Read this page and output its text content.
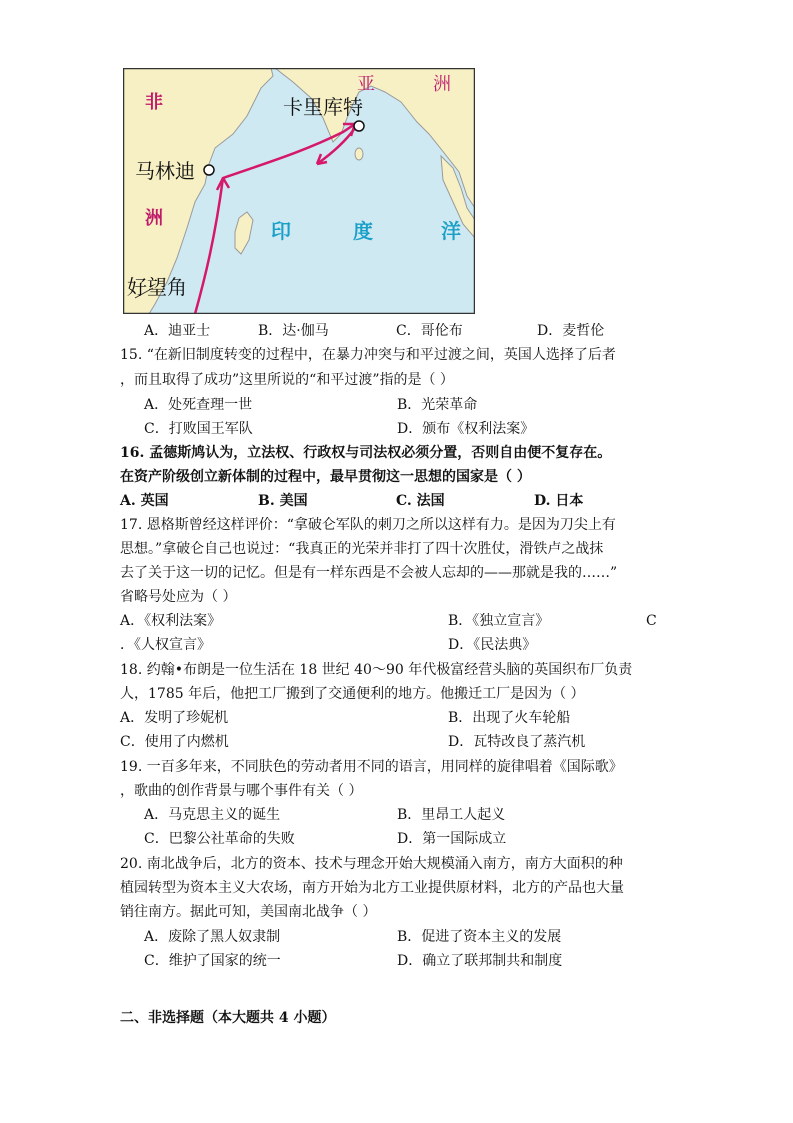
非
洲
亚	洲
卡里库特
马林迪
印	度	洋
好望角
A．迪亚士	B．达·伽马	C．哥伦布	D．麦哲伦
15. “在新旧制度转变的过程中，在暴力冲突与和平过渡之间，英国人选择了后者
，而且取得了成功”这里所说的“和平过渡”指的是（ ）
A．处死查理一世	B．光荣革命
C．打败国王军队	D．颁布《权利法案》
16. 孟德斯鸠认为，立法权、行政权与司法权必须分置，否则自由便不复存在。
在资产阶级创立新体制的过程中，最早贯彻这一思想的国家是（ ）
A. 英国	B. 美国	C. 法国	D. 日本
17. 恩格斯曾经这样评价：“拿破仑军队的刺刀之所以这样有力。是因为刀尖上有
思想。”拿破仑自己也说过：“我真正的光荣并非打了四十次胜仗，滑铁卢之战抹
去了关于这一切的记忆。但是有一样东西是不会被人忘却的——那就是我的……”
省略号处应为（ ）
A．《权利法案》	B．《独立宣言》	C
．《人权宣言》	D．《民法典》
18. 约翰•布朗是一位生活在 18 世纪 40～90 年代极富经营头脑的英国织布厂负责
人，1785 年后，他把工厂搬到了交通便利的地方。他搬迁工厂是因为（ ）
A．发明了珍妮机	B．出现了火车轮船
C．使用了内燃机	D．瓦特改良了蒸汽机
19. 一百多年来，不同肤色的劳动者用不同的语言，用同样的旋律唱着《国际歌》
，歌曲的创作背景与哪个事件有关（ ）
A．马克思主义的诞生	B．里昂工人起义
C．巴黎公社革命的失败	D．第一国际成立
20. 南北战争后，北方的资本、技术与理念开始大规模涌入南方，南方大面积的种
植园转型为资本主义大农场，南方开始为北方工业提供原材料，北方的产品也大量
销往南方。据此可知，美国南北战争（ ）
A．废除了黑人奴隶制	B．促进了资本主义的发展
C．维护了国家的统一	D．确立了联邦制共和制度
二、非选择题（本大题共 4 小题）
